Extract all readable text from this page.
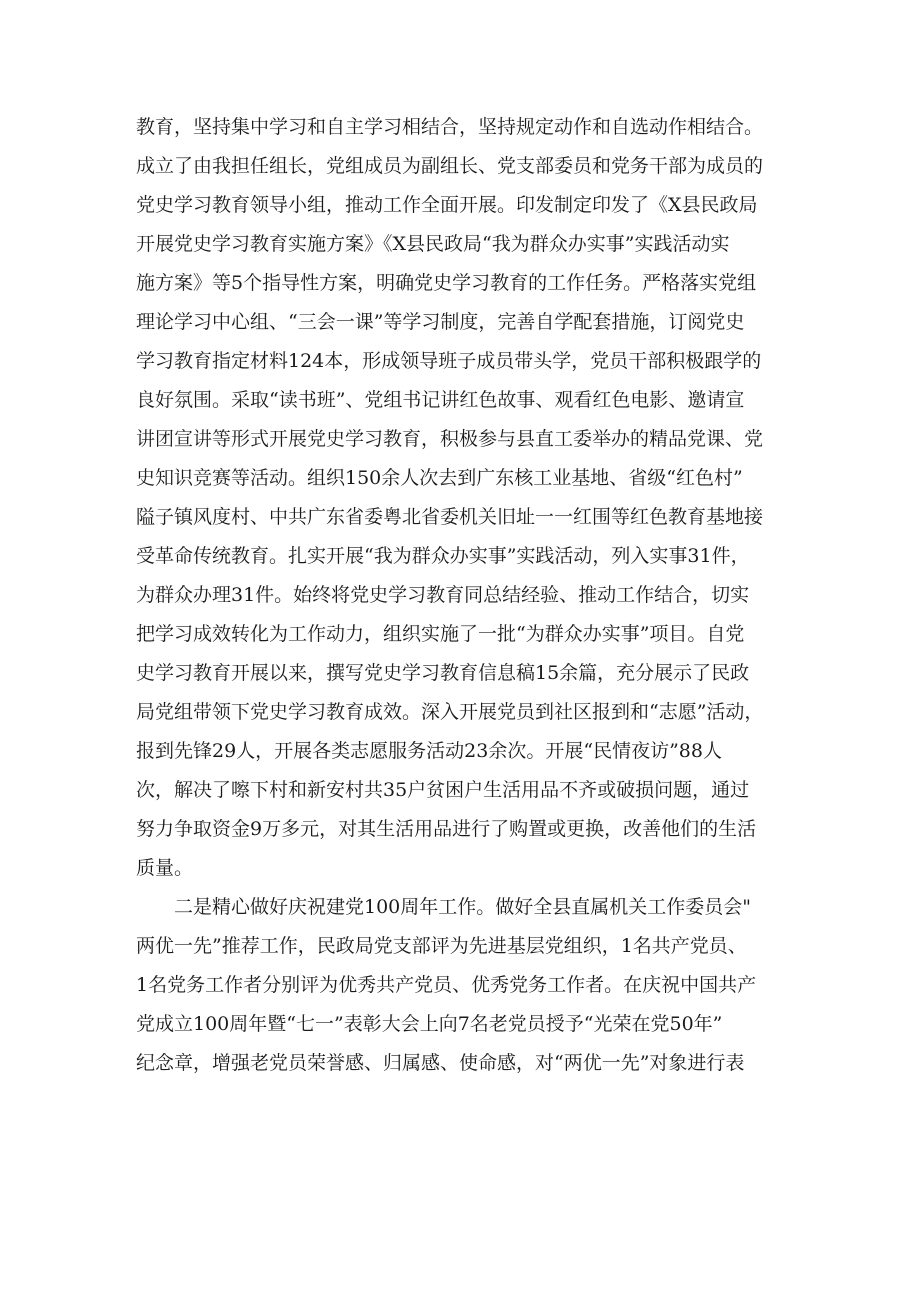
教育，坚持集中学习和自主学习相结合，坚持规定动作和自选动作相结合。
成立了由我担任组长，党组成员为副组长、党支部委员和党务干部为成员的
党史学习教育领导小组，推动工作全面开展。印发制定印发了《X县民政局
开展党史学习教育实施方案》《X县民政局“我为群众办实事”实践活动实
施方案》等5个指导性方案，明确党史学习教育的工作任务。严格落实党组
理论学习中心组、“三会一课”等学习制度，完善自学配套措施，订阅党史
学习教育指定材料124本，形成领导班子成员带头学，党员干部积极跟学的
良好氛围。采取“读书班”、党组书记讲红色故事、观看红色电影、邀请宣
讲团宣讲等形式开展党史学习教育，积极参与县直工委举办的精品党课、党
史知识竞赛等活动。组织150余人次去到广东核工业基地、省级“红色村”
隘子镇风度村、中共广东省委粤北省委机关旧址一一红围等红色教育基地接
受革命传统教育。扎实开展“我为群众办实事”实践活动，列入实事31件，
为群众办理31件。始终将党史学习教育同总结经验、推动工作结合，切实
把学习成效转化为工作动力，组织实施了一批“为群众办实事”项目。自党
史学习教育开展以来，撰写党史学习教育信息稿15余篇，充分展示了民政
局党组带领下党史学习教育成效。深入开展党员到社区报到和“志愿”活动，
报到先锋29人，开展各类志愿服务活动23余次。开展“民情夜访”88人
次，解决了嚓下村和新安村共35户贫困户生活用品不齐或破损问题，通过
努力争取资金9万多元，对其生活用品进行了购置或更换，改善他们的生活
质量。
　　二是精心做好庆祝建党100周年工作。做好全县直属机关工作委员会"
两优一先”推荐工作，民政局党支部评为先进基层党组织，1名共产党员、
1名党务工作者分别评为优秀共产党员、优秀党务工作者。在庆祝中国共产
党成立100周年暨“七一”表彰大会上向7名老党员授予“光荣在党50年”
纪念章，增强老党员荣誉感、归属感、使命感，对“两优一先”对象进行表
